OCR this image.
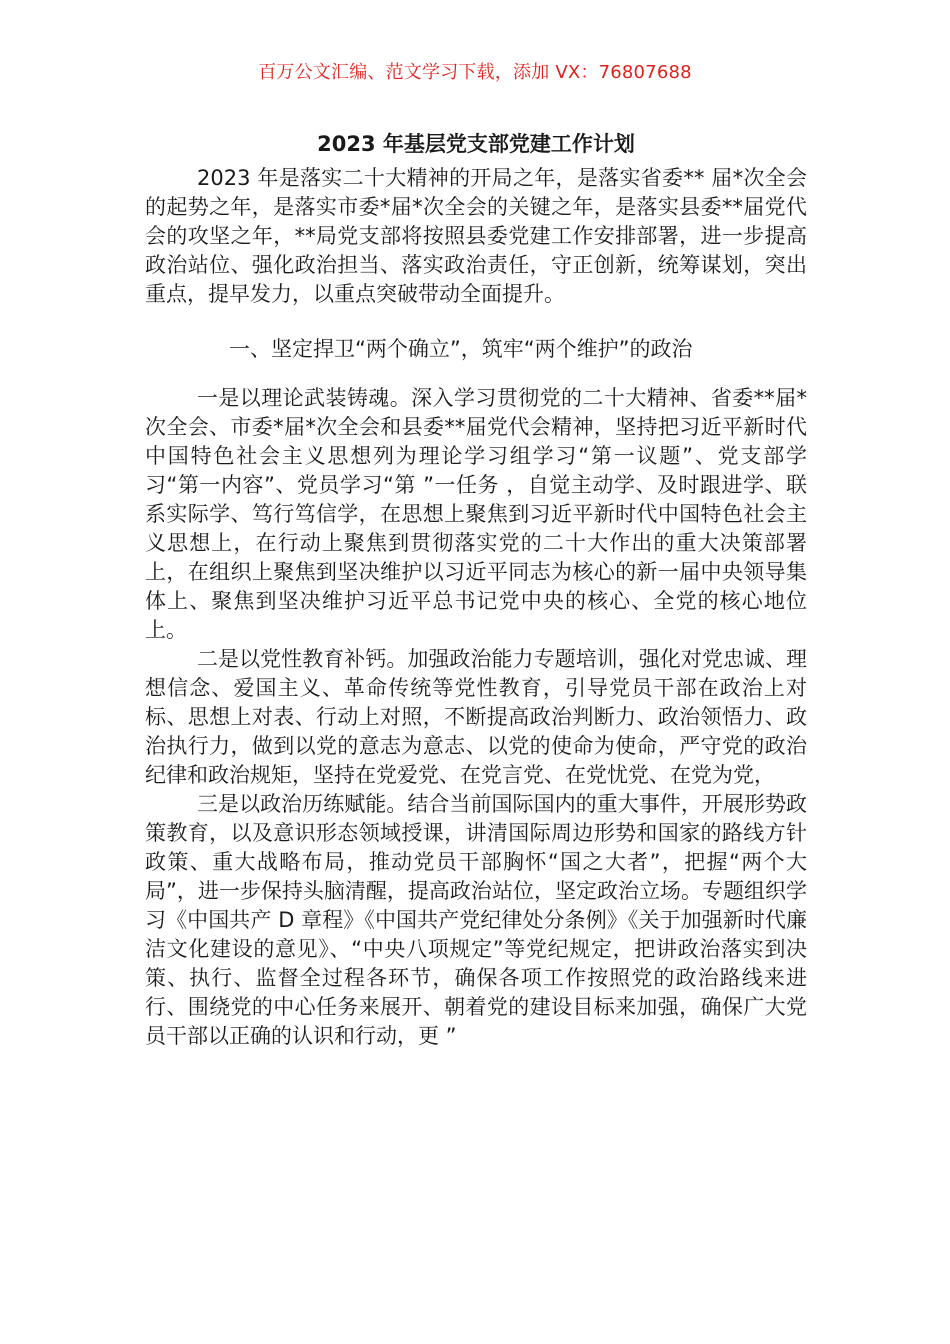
百万公文汇编、范文学习下载，添加 VX：76807688
2023 年基层党支部党建工作计划

2023 年是落实二十大精神的开局之年，是落实省委** 届*次全会的起势之年，是落实市委*届*次全会的关键之年，是落实县委**届党代会的攻坚之年，**局党支部将按照县委党建工作安排部署，进一步提高政治站位、强化政治担当、落实政治责任，守正创新，统筹谋划，突出重点，提早发力，以重点突破带动全面提升。

一、坚定捍卫“两个确立”，筑牢“两个维护”的政治

一是以理论武装铸魂。深入学习贯彻党的二十大精神、省委**届*次全会、市委*届*次全会和县委**届党代会精神，坚持把习近平新时代中国特色社会主义思想列为理论学习组学习“第一议题”、党支部学习“第一内容”、党员学习“第 ”一任务 ，自觉主动学、及时跟进学、联系实际学、笃行笃信学，在思想上聚焦到习近平新时代中国特色社会主义思想上，在行动上聚焦到贯彻落实党的二十大作出的重大决策部署上，在组织上聚焦到坚决维护以习近平同志为核心的新一届中央领导集体上、聚焦到坚决维护习近平总书记党中央的核心、全党的核心地位上。

二是以党性教育补钙。加强政治能力专题培训，强化对党忠诚、理想信念、爱国主义、革命传统等党性教育，引导党员干部在政治上对标、思想上对表、行动上对照，不断提高政治判断力、政治领悟力、政治执行力，做到以党的意志为意志、以党的使命为使命，严守党的政治纪律和政治规矩，坚持在党爱党、在党言党、在党忧党、在党为党，

三是以政治历练赋能。结合当前国际国内的重大事件，开展形势政策教育，以及意识形态领域授课，讲清国际周边形势和国家的路线方针政策、重大战略布局，推动党员干部胸怀“国之大者”，把握“两个大局”，进一步保持头脑清醒，提高政治站位，坚定政治立场。专题组织学习《中国共产 D 章程》《中国共产党纪律处分条例》《关于加强新时代廉洁文化建设的意见》、“中央八项规定”等党纪规定，把讲政治落实到决策、执行、监督全过程各环节，确保各项工作按照党的政治路线来进行、围绕党的中心任务来展开、朝着党的建设目标来加强，确保广大党员干部以正确的认识和行动，更 ”
